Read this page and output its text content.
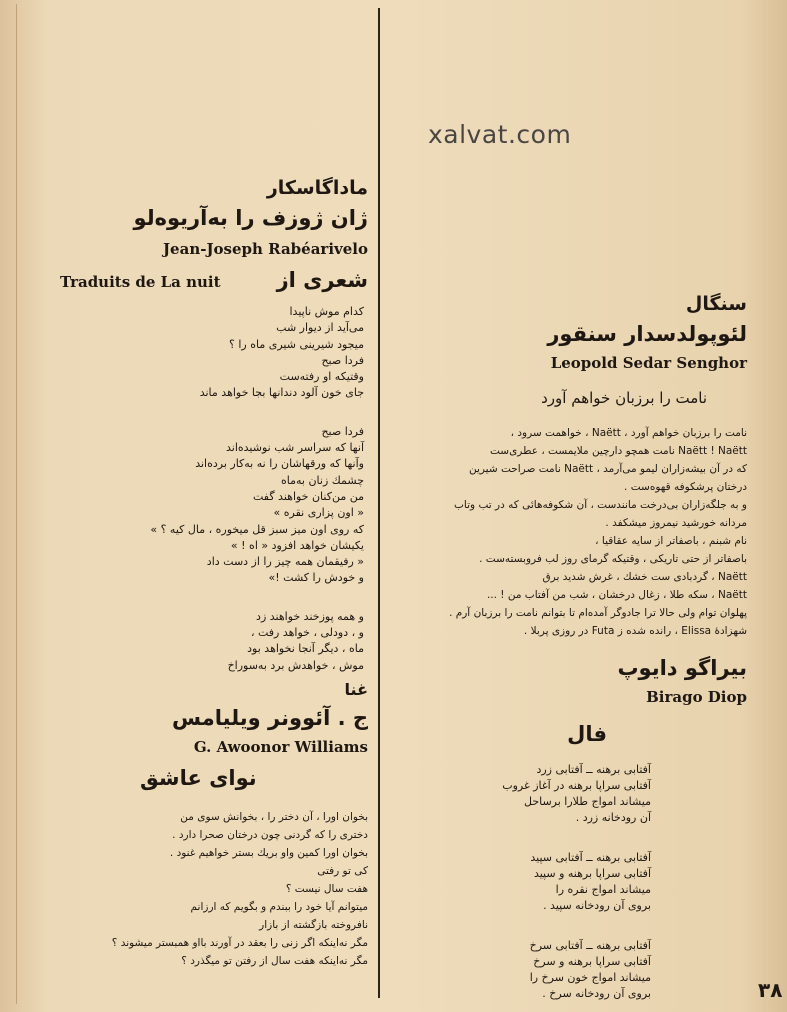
xalvat.com
ماداگاسکار
ژان ژوزف را به‌آریوه‌لو
Jean-Joseph Rabéarivelo
شعری از
Traduits de La nuit
کدام موش ناپیدا
می‌آید از دیوار شب
میجود شیرینی شیری ماه را ؟
فردا صبح
وقتیکه او رفته‌ست
جای خون آلود دندانها بجا خواهد ماند
فردا صبح
آنها که سراسر شب نوشیده‌اند
وآنها که ورقهاشان را نه به‌کار برده‌اند
چشمك زنان به‌ماه
من من‌کنان خواهند گفت
« اون پزاری نقره »
که روی اون میز سبز قل میخوره ، مال کیه ؟ »
یکیشان خواهد افزود « اه ! »
« رفیقمان همه چیز را از دست داد
و خودش را کشت !»
و همه پوزخند خواهند زد
و ، دودلی ، خواهد رفت ،
ماه ، دیگر آنجا نخواهد بود
موش ، خواهدش برد به‌سوراخ
غنا
ج . آئوونر ویلیامس
G. Awoonor Williams
نوای عاشق
بخوان اورا ، آن دختر را ، بخوانش سوی من
دختری را که گردنی چون درختان صحرا دارد .
بخوان اورا کمین واو بریك بستر خواهیم غنود .
کی تو رفتی
هفت سال نیست ؟
میتوانم آیا خود را ببندم و بگویم که ارزانم
نافروخته بازگشته از بازار
مگر نه‌اینکه اگر زنی را بعقد در آورند بااو همبستر میشوند ؟
مگر نه‌اینکه هفت سال از رفتن تو میگذرد ؟
سنگال
لئوپولدسدار سنقور
Leopold Sedar Senghor
نامت را برزبان خواهم آورد
نامت را برزبان خواهم آورد ، Naëtt ، خواهمت سرود ،
Naëtt ! Naëtt نامت همچو دارچین ملایمست ، عطری‌ست
که در آن بیشه‌زاران لیمو می‌آرمد ، Naëtt نامت صراحت شیرین
درختان پرشکوفه قهوه‌ست .
و به جلگه‌زاران بی‌درخت مانندست ، آن شکوفه‌هائی که در تب وتاب
مردانه خورشید نیمروز میشکفد .
نام شبنم ، باصفاتر از سایه عقاقیا ،
باصفاتر از حتی تاریکی ، وقتیکه گرمای روز لب فروبسته‌ست .
Naëtt ، گردبادی ست خشك ، غرش شدید برق
Naëtt ، سکه طلا ، زغال درخشان ، شب من آفتاب من ! ...
پهلوان توام ولی حالا ترا جادوگر آمده‌ام تا بتوانم نامت را برزبان آرم .
شهزادهٔ Elissa ، رانده شده ز Futa در روزی پربلا .
بیراگو دایوپ
Birago Diop
فال
آفتابی برهنه ــ آفتابی زرد
آفتابی سراپا برهنه در آغاز غروب
میشاند امواج طلارا برساحل
آن رودخانه زرد .
آفتابی برهنه ــ آفتابی سپید
آفتابی سراپا برهنه و سپید
میشاند امواج نقره را
بروی آن رودخانه سپید .
آفتابی برهنه ــ آفتابی سرخ
آفتابی سراپا برهنه و سرخ
میشاند امواج خون سرخ را
بروی آن رودخانه سرخ .	۳۸
